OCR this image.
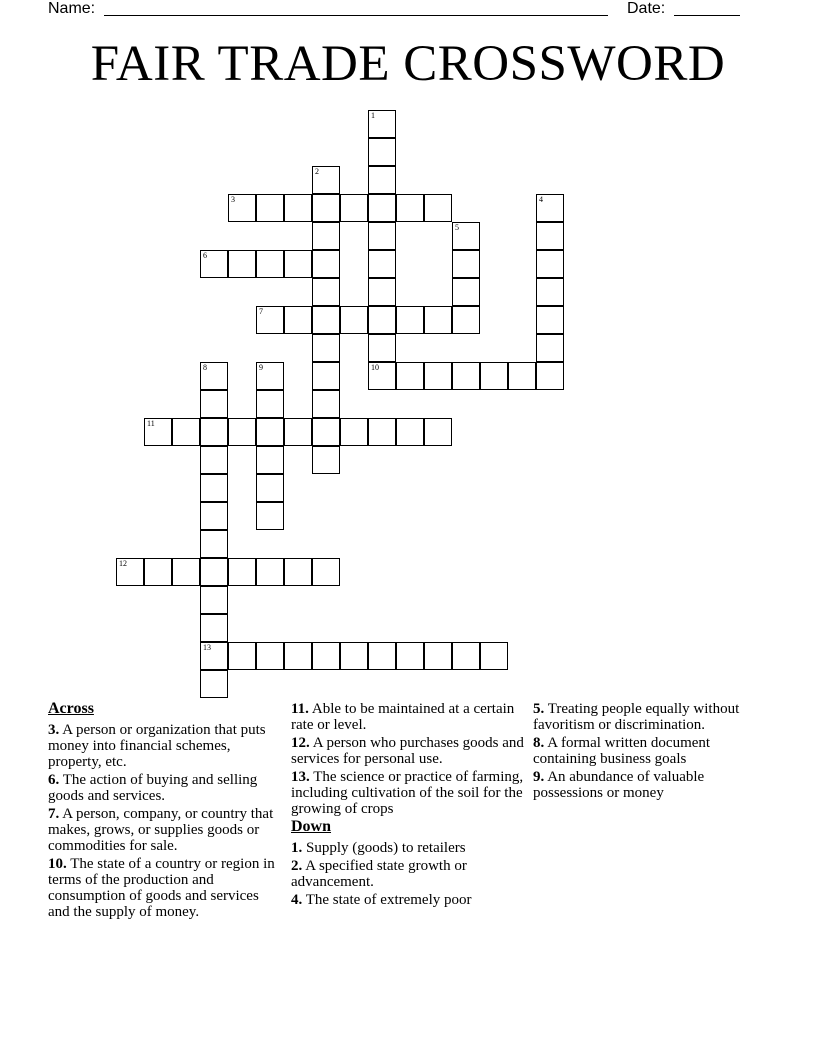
Name:	Date:
FAIR TRADE CROSSWORD
1
2
3	4
5
6
7
8
13
9	10
11
12
Across
3. A person or organization that puts money into financial schemes, property, etc.
6. The action of buying and selling goods and services.
7. A person, company, or country that makes, grows, or supplies goods or commodities for sale.
10. The state of a country or region in terms of the production and consumption of goods and services and the supply of money.
11. Able to be maintained at a certain rate or level.
12. A person who purchases goods and services for personal use.
13. The science or practice of farming, including cultivation of the soil for the growing of crops
Down
1. Supply (goods) to retailers
2. A specified state growth or advancement.
4. The state of extremely poor
5. Treating people equally without favoritism or discrimination.
8. A formal written document containing business goals
9. An abundance of valuable possessions or money
